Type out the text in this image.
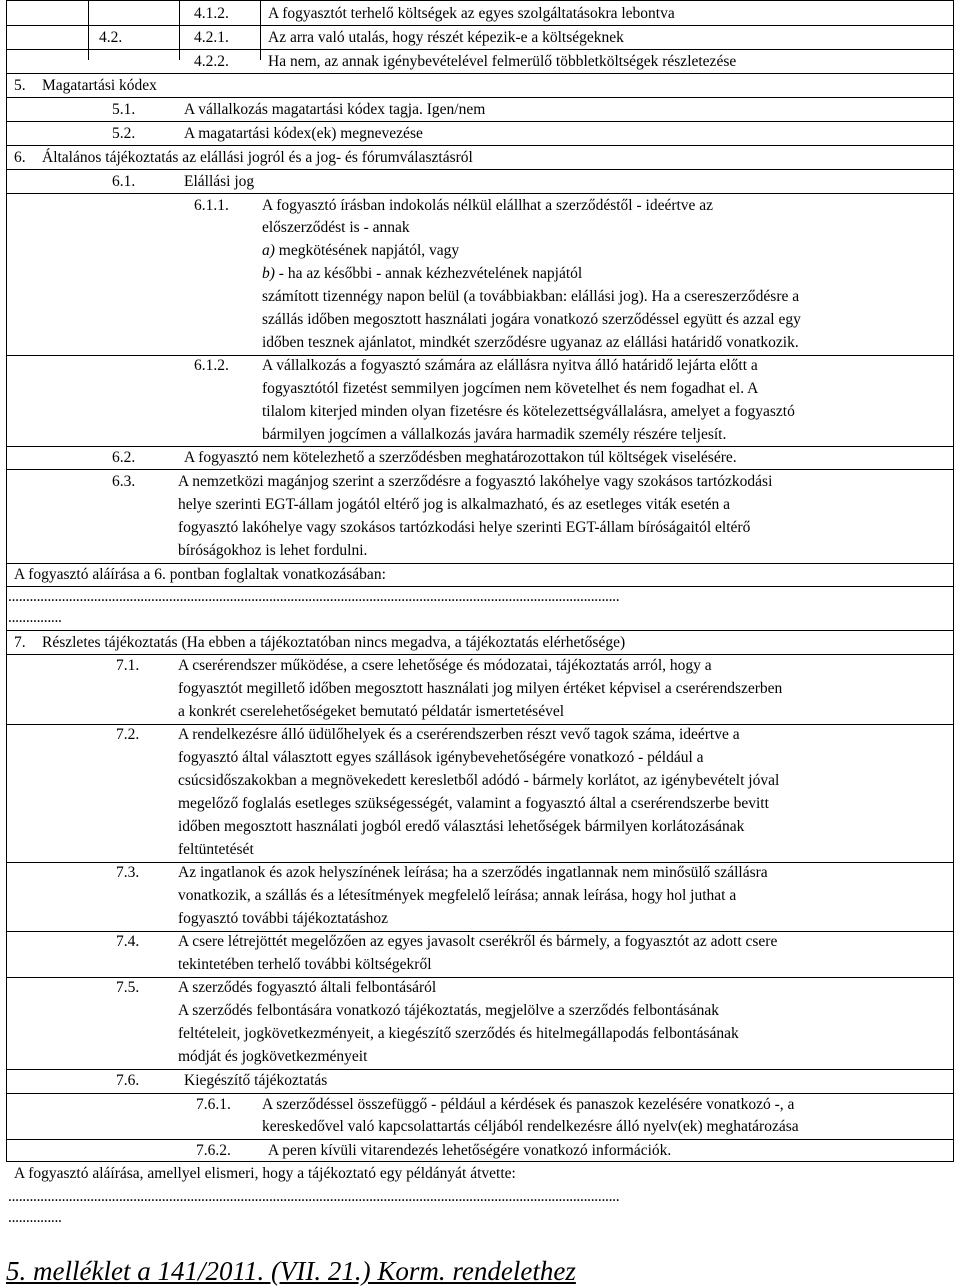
4.1.2.	A fogyasztót terhelő költségek az egyes szolgáltatásokra lebontva
4.2.	4.2.1.	Az arra való utalás, hogy részét képezik-e a költségeknek
4.2.2.	Ha nem, az annak igénybevételével felmerülő többletköltségek részletezése
5. Magatartási kódex
5.1.	A vállalkozás magatartási kódex tagja. Igen/nem
5.2.	A magatartási kódex(ek) megnevezése
6. Általános tájékoztatás az elállási jogról és a jog- és fórumválasztásról
6.1.	Elállási jog
6.1.1. A fogyasztó írásban indokolás nélkül elállhat a szerződéstől - ideértve az
előszerződést is - annak
a) megkötésének napjától, vagy
b) - ha az későbbi - annak kézhezvételének napjától
számított tizennégy napon belül (a továbbiakban: elállási jog). Ha a csereszerződésre a
szállás időben megosztott használati jogára vonatkozó szerződéssel együtt és azzal egy
időben tesznek ajánlatot, mindkét szerződésre ugyanaz az elállási határidő vonatkozik.
6.1.2. A vállalkozás a fogyasztó számára az elállásra nyitva álló határidő lejárta előtt a
fogyasztótól fizetést semmilyen jogcímen nem követelhet és nem fogadhat el. A
tilalom kiterjed minden olyan fizetésre és kötelezettségvállalásra, amelyet a fogyasztó
bármilyen jogcímen a vállalkozás javára harmadik személy részére teljesít.
6.2.	A fogyasztó nem kötelezhető a szerződésben meghatározottakon túl költségek viselésére.
6.3.	A nemzetközi magánjog szerint a szerződésre a fogyasztó lakóhelye vagy szokásos tartózkodási
helye szerinti EGT-állam jogától eltérő jog is alkalmazható, és az esetleges viták esetén a
fogyasztó lakóhelye vagy szokásos tartózkodási helye szerinti EGT-állam bíróságaitól eltérő
bíróságokhoz is lehet fordulni.
A fogyasztó aláírása a 6. pontban foglaltak vonatkozásában:
...........................................................................................................................................................................
...............
7. Részletes tájékoztatás (Ha ebben a tájékoztatóban nincs megadva, a tájékoztatás elérhetősége)
7.1.	A cserérendszer működése, a csere lehetősége és módozatai, tájékoztatás arról, hogy a
fogyasztót megillető időben megosztott használati jog milyen értéket képvisel a cserérendszerben
a konkrét cserelehetőségeket bemutató példatár ismertetésével
7.2.	A rendelkezésre álló üdülőhelyek és a cserérendszerben részt vevő tagok száma, ideértve a
fogyasztó által választott egyes szállások igénybevehetőségére vonatkozó - például a
csúcsidőszakokban a megnövekedett keresletből adódó - bármely korlátot, az igénybevételt jóval
megelőző foglalás esetleges szükségességét, valamint a fogyasztó által a cserérendszerbe bevitt
időben megosztott használati jogból eredő választási lehetőségek bármilyen korlátozásának
feltüntetését
7.3.	Az ingatlanok és azok helyszínének leírása; ha a szerződés ingatlannak nem minősülő szállásra
vonatkozik, a szállás és a létesítmények megfelelő leírása; annak leírása, hogy hol juthat a
fogyasztó további tájékoztatáshoz
7.4.	A csere létrejöttét megelőzően az egyes javasolt cserékről és bármely, a fogyasztót az adott csere
tekintetében terhelő további költségekről
7.5.	A szerződés fogyasztó általi felbontásáról
A szerződés felbontására vonatkozó tájékoztatás, megjelölve a szerződés felbontásának
feltételeit, jogkövetkezményeit, a kiegészítő szerződés és hitelmegállapodás felbontásának
módját és jogkövetkezményeit
7.6.	Kiegészítő tájékoztatás
7.6.1. A szerződéssel összefüggő - például a kérdések és panaszok kezelésére vonatkozó -, a
kereskedővel való kapcsolattartás céljából rendelkezésre álló nyelv(ek) meghatározása
7.6.2. A peren kívüli vitarendezés lehetőségére vonatkozó információk.
A fogyasztó aláírása, amellyel elismeri, hogy a tájékoztató egy példányát átvette:
...........................................................................................................................................................................
...............
5. melléklet a 141/2011. (VII. 21.) Korm. rendelethez
